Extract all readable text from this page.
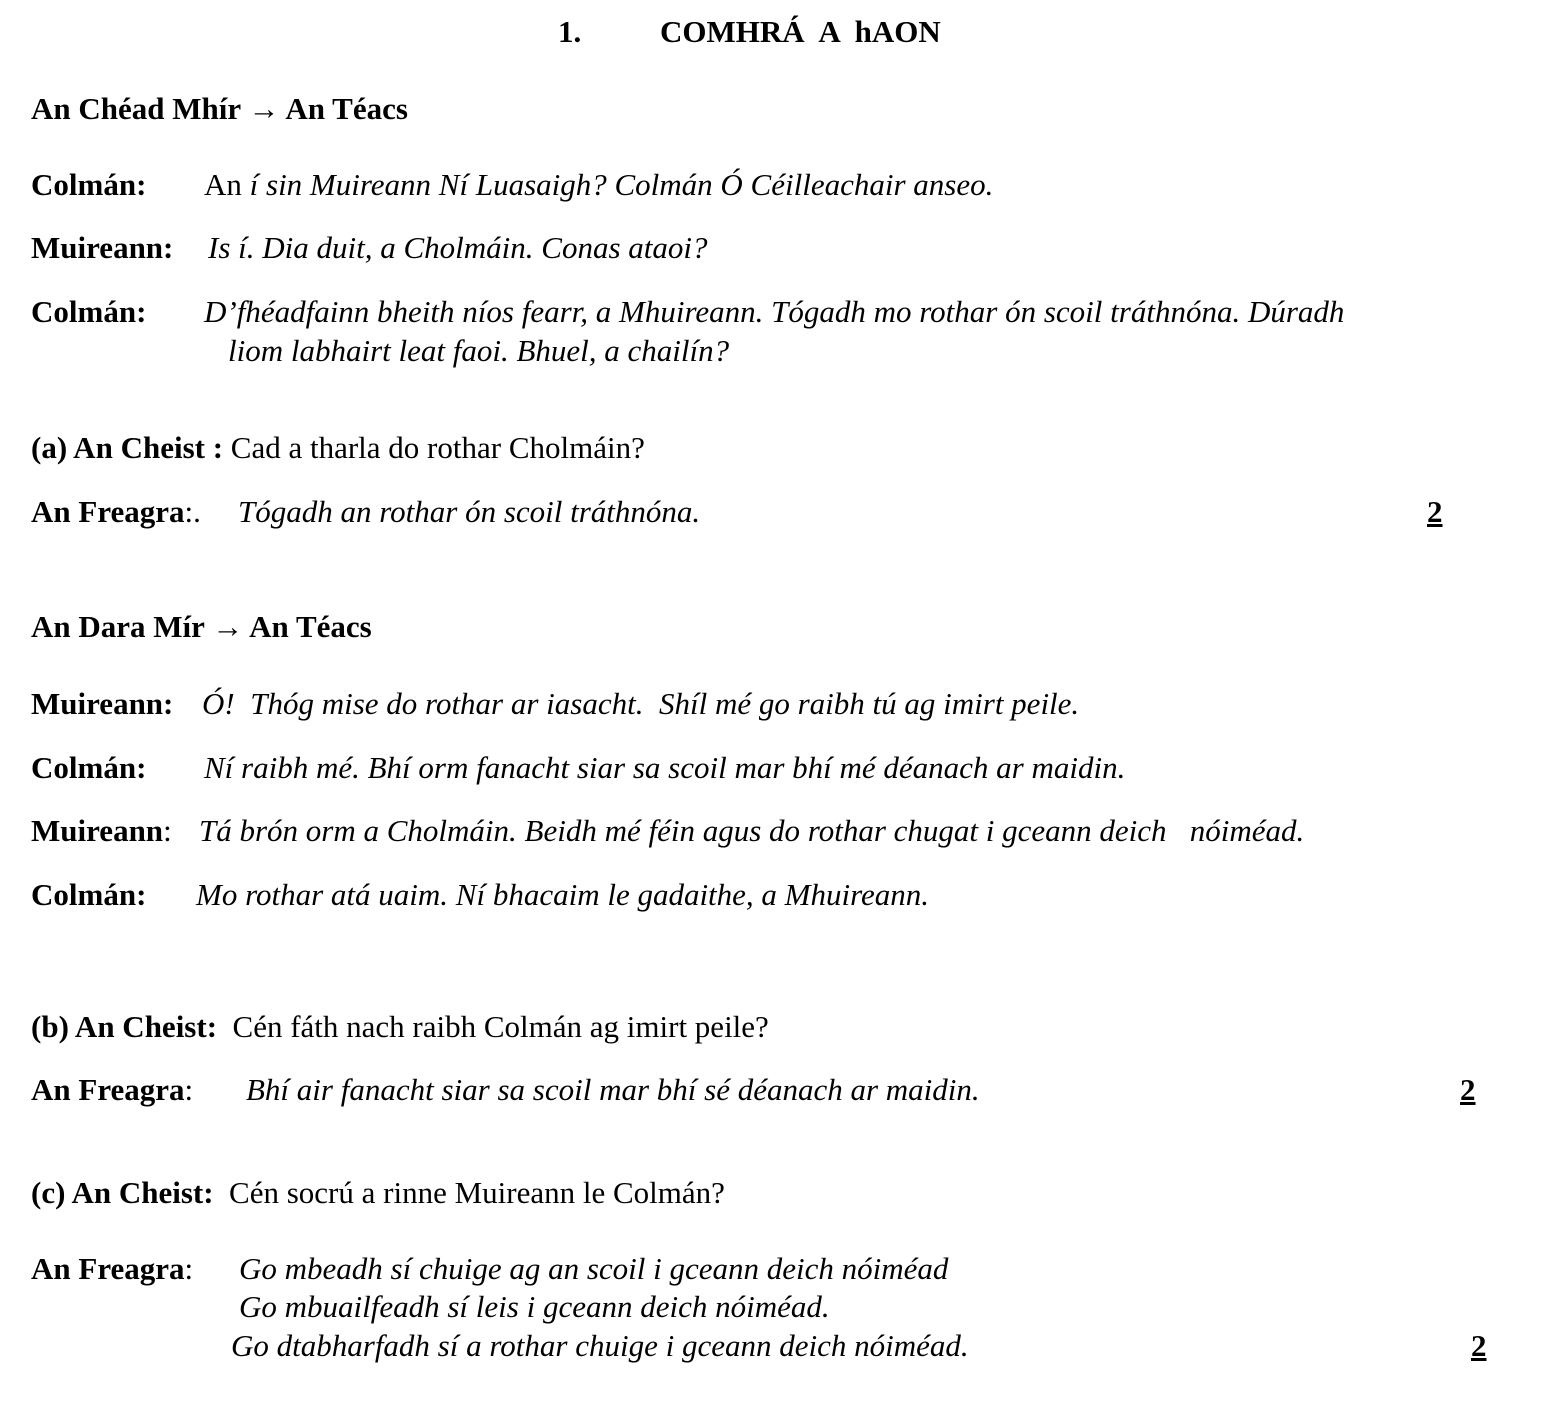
1.	COMHRÁ  A  hAON
An Chéad Mhír → An Téacs
Colmán: An í sin Muireann Ní Luasaigh? Colmán Ó Céilleachair anseo.
Muireann: Is í. Dia duit, a Cholmáin. Conas ataoi?
Colmán: D’fhéadfainn bheith níos fearr, a Mhuireann. Tógadh mo rothar ón scoil tráthnóna. Dúradh
liom labhairt leat faoi. Bhuel, a chailín?
(a) An Cheist : Cad a tharla do rothar Cholmáin?
An Freagra:. Tógadh an rothar ón scoil tráthnóna.	2
An Dara Mír → An Téacs
Muireann: Ó!  Thóg mise do rothar ar iasacht.  Shíl mé go raibh tú ag imirt peile.
Colmán: Ní raibh mé. Bhí orm fanacht siar sa scoil mar bhí mé déanach ar maidin.
Muireann: Tá brón orm a Cholmáin. Beidh mé féin agus do rothar chugat i gceann deich   nóiméad.
Colmán: Mo rothar atá uaim. Ní bhacaim le gadaithe, a Mhuireann.
(b) An Cheist: Cén fáth nach raibh Colmán ag imirt peile?
An Freagra: Bhí air fanacht siar sa scoil mar bhí sé déanach ar maidin.	2
(c) An Cheist: Cén socrú a rinne Muireann le Colmán?
An Freagra: Go mbeadh sí chuige ag an scoil i gceann deich nóiméad
Go mbuailfeadh sí leis i gceann deich nóiméad.
Go dtabharfadh sí a rothar chuige i gceann deich nóiméad.	2
